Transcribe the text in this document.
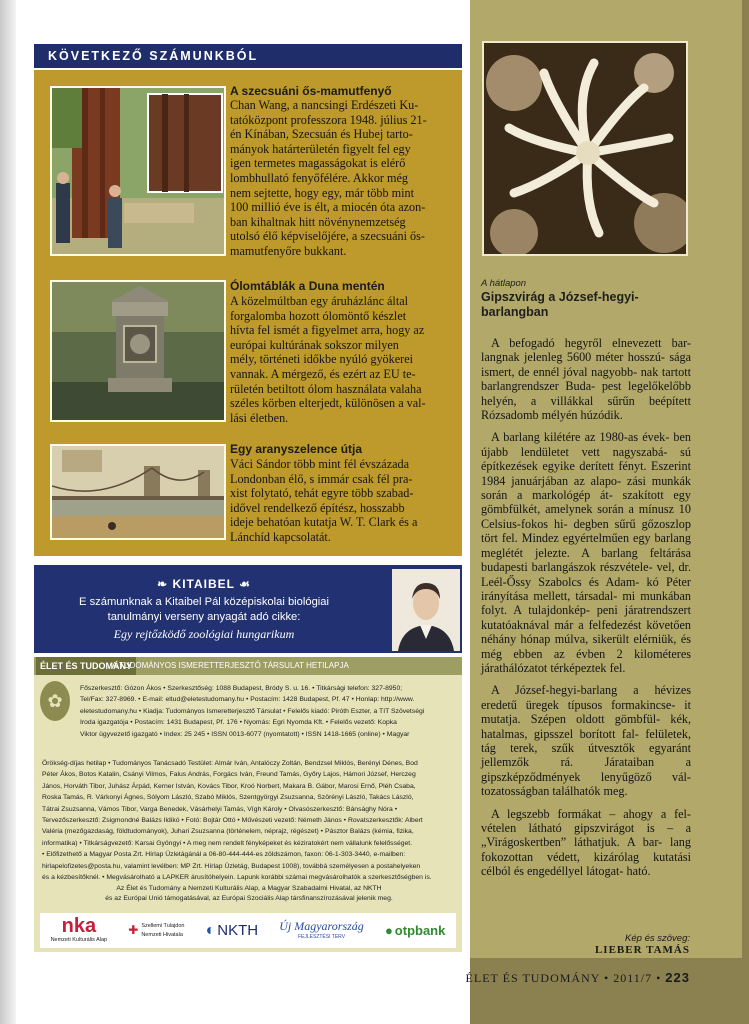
KÖVETKEZŐ SZÁMUNKBÓL
A szecsuáni ős-mamutfenyő
Chan Wang, a nancsingi Erdészeti Ku-
tatóközpont professzora 1948. július 21-
én Kínában, Szecsuán és Hubej tarto-
mányok határterületén figyelt fel egy
igen termetes magasságokat is elérő
lombhullató fenyőfélére. Akkor még
nem sejtette, hogy egy, már több mint
100 millió éve is élt, a miocén óta azon-
ban kihaltnak hitt növénynemzetség
utolsó élő képviselőjére, a szecsuáni ős-
mamutfenyőre bukkant.
Ólomtáblák a Duna mentén
A közelmúltban egy áruházlánc által
forgalomba hozott ólomöntő készlet
hívta fel ismét a figyelmet arra, hogy az
európai kultúrának sokszor milyen
mély, történeti időkbe nyúló gyökerei
vannak. A mérgező, és ezért az EU te-
rületén betiltott ólom használata valaha
széles körben elterjedt, különösen a val-
lási életben.
Egy aranyszelence útja
Váci Sándor több mint fél évszázada
Londonban élő, s immár csak fél pra-
xist folytató, tehát egyre több szabad-
idővel rendelkező építész, hosszabb
ideje behatóan kutatja W. T. Clark és a
Lánchíd kapcsolatát.
❧ KITAIBEL ☙
E számunknak a Kitaibel Pál középiskolai biológiai
tanulmányi verseny anyagát adó cikke:
Egy rejtőzködő zoológiai hungarikum
ÉLET ÉS TUDOMÁNY
A TUDOMÁNYOS ISMERETTERJESZTŐ TÁRSULAT HETILAPJA
✿
Főszerkesztő: Gózon Ákos • Szerkesztőség: 1088 Budapest, Bródy S. u. 16. • Titkársági telefon: 327-8950;
Tel/Fax: 327-8969. • E-mail: eltud@eletestudomany.hu • Postacím: 1428 Budapest, Pf. 47 • Honlap: http://www.
eletestudomany.hu • Kiadja: Tudományos Ismeretterjesztő Társulat • Felelős kiadó: Piróth Eszter, a TIT Szövetségi
Iroda igazgatója • Postacím: 1431 Budapest, Pf. 176 • Nyomás: Egri Nyomda Kft. • Felelős vezető: Kopka
Viktor ügyvezető igazgató • Index: 25 245 • ISSN 0013-6077 (nyomtatott) • ISSN 1418-1665 (online) • Magyar
Örökség-díjas hetilap • Tudományos Tanácsadó Testület: Almár Iván, Antalóczy Zoltán, Bendzsel Miklós, Berényi Dénes, Bod
Péter Ákos, Botos Katalin, Csányi Vilmos, Falus András, Forgács Iván, Freund Tamás, Győry Lajos, Hámori József, Herczeg
János, Horváth Tibor, Juhász Árpád, Kerner István, Kovács Tibor, Kroó Norbert, Makara B. Gábor, Marosi Ernő, Pléh Csaba,
Roska Tamás, R. Várkonyi Ágnes, Sólyom László, Szabó Miklós, Szentgyörgyi Zsuzsanna, Szörényi László, Takács László,
Tátrai Zsuzsanna, Vámos Tibor, Varga Benedek, Vásárhelyi Tamás, Vígh Károly • Olvasószerkesztő: Bánsághy Nóra •
Tervezőszerkesztő: Zsigmondné Balázs Ildikó • Fotó: Bojtár Ottó • Művészeti vezető: Németh János • Rovatszerkesztők: Albert
Valéria (mezőgazdaság, földtudományok), Juhari Zsuzsanna (történelem, néprajz, régészet) • Pásztor Balázs (kémia, fizika,
informatika) • Titkárságvezető: Karsai Gyöngyi • A meg nem rendelt fényképeket és kéziratokért nem vállalunk felelősséget.
• Előfizethető a Magyar Posta Zrt. Hírlap Üzletágánál a 06-80-444-444-es zöldszámon, faxon: 06-1-303-3440, e-mailben:
hirlapelofizetes@posta.hu, valamint levélben: MP Zrt. Hírlap Üzletág, Budapest 1008), továbbá személyesen a postahelyeken
és a kézbesítőknél. • Megvásárolható a LAPKER árusítóhelyein. Lapunk korábbi számai megvásárolhatók a szerkesztőségben is.
Az Élet és Tudomány a Nemzeti Kulturális Alap, a Magyar Szabadalmi Hivatal, az NKTH
és az Európai Unió támogatásával, az Európai Szociális Alap társfinanszírozásával jelenik meg.
nka
Nemzeti Kulturális Alap
✚ Szellemi Tulajdon
Nemzeti Hivatala ◐ NKTH Új Magyarország
FEJLESZTÉSI TERV	● otpbank
A hátlapon
Gipszvirág a József-hegyi-
barlangban

A befogadó hegyről elnevezett bar- langnak jelenleg 5600 méter hosszú- sága ismert, de ennél jóval nagyobb- nak tartott barlangrendszer Buda- pest legelőkelőbb helyén, a villákkal sűrűn beépített Rózsadomb mélyén húzódik.

A barlang kilétére az 1980-as évek- ben újabb lendületet vett nagyszabá- sú építkezések egyike derített fényt. Eszerint 1984 januárjában az alapo- zási munkák során a markológép át- szakított egy gömbfülkét, amelynek során a mínusz 10 Celsius-fokos hi- degben sűrű gőzoszlop tört fel. Mindez egyértelműen egy barlang meglétét jelezte. A barlang feltárása budapesti barlangászok részvétele- vel, dr. Leél-Őssy Szabolcs és Adam- kó Péter irányítása mellett, társadal- mi munkában folyt. A tulajdonkép- peni járatrendszert kutatóaknával már a felfedezést követően néhány hónap múlva, sikerült elérniük, és még ebben az évben 2 kilométeres járathálózatot térképeztek fel.

A József-hegyi-barlang a hévizes eredetű üregek típusos formakincse- it mutatja. Szépen oldott gömbfül- kék, hatalmas, gipsszel borított fal- felületek, tág terek, szűk útvesztők egyaránt jellemzők rá. Járataiban a gipszképződmények lenyűgöző vál- tozatosságban találhatók meg.

A legszebb formákat – ahogy a fel- vételen látható gipszvirágot is – a „Virágoskertben” láthatjuk. A bar- lang fokozottan védett, kizárólag kutatási célból és engedéllyel látogat- ható.

Kép és szöveg:
LIEBER TAMÁS
ÉLET ÉS TUDOMÁNY • 2011/7 • 223
